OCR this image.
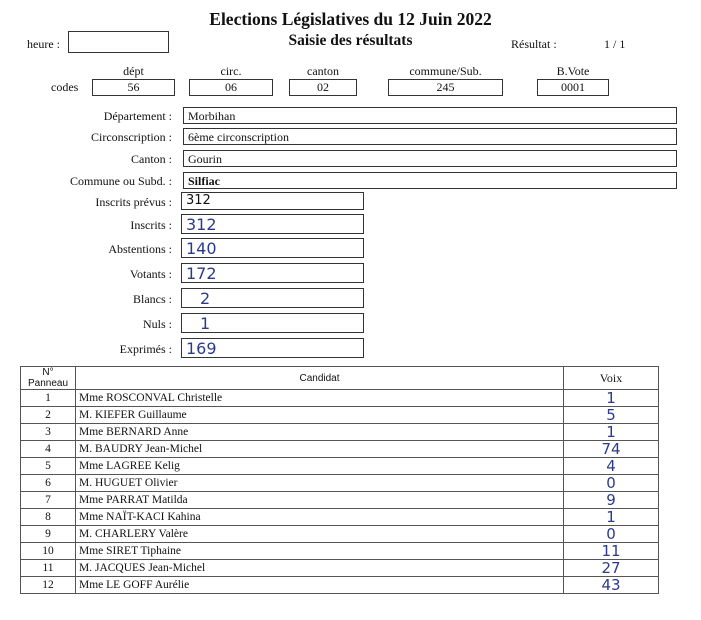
Elections Législatives du 12 Juin 2022
Saisie des résultats
heure :	Résultat :	1 / 1
dépt	circ.	canton	commune/Sub.	B.Vote
codes	56	06	02	245	0001
Département : Morbihan
Circonscription : 6ème circonscription
Canton : Gourin
Commune ou Subd. : Silfiac
Inscrits prévus : 312
Inscrits : 312
Abstentions : 140
Votants : 172
Blancs : 2
Nuls : 1
Exprimés : 169
N° Panneau	Candidat	Voix
1	Mme ROSCONVAL Christelle	1
2	M. KIEFER Guillaume	5
3	Mme BERNARD Anne	1
4	M. BAUDRY Jean-Michel	74
5	Mme LAGREE Kelig	4
6	M. HUGUET Olivier	0
7	Mme PARRAT Matilda	9
8	Mme NAÏT-KACI Kahina	1
9	M. CHARLERY Valère	0
10	Mme SIRET Tiphaine	11
11	M. JACQUES Jean-Michel	27
12	Mme LE GOFF Aurélie	43
